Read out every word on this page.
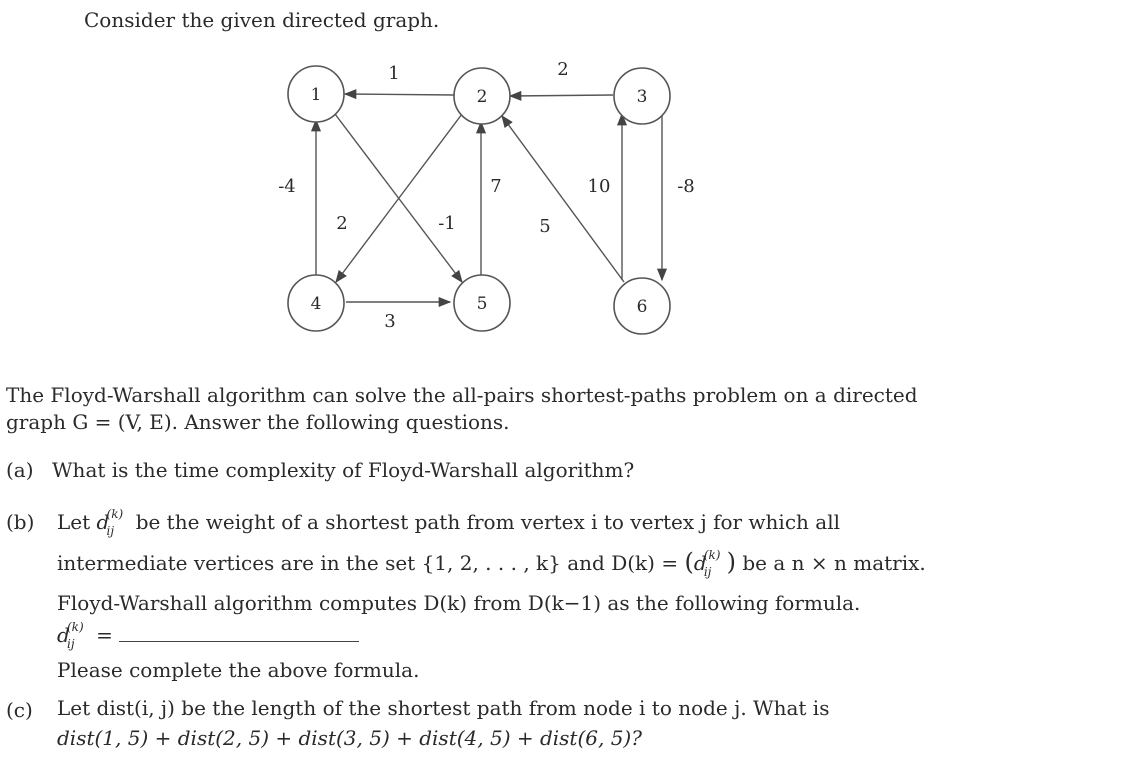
Consider the given directed graph.
1	2	3
4	5	6
1	2
-4
2	-1
7
5
10	-8
3
The Floyd-Warshall algorithm can solve the all-pairs shortest-paths problem on a directed
graph G = (V, E). Answer the following questions.
(a) What is the time complexity of Floyd-Warshall algorithm?
(b) Let d
(k)
ij be the weight of a shortest path from vertex i to vertex j for which all
intermediate vertices are in the set {1, 2, . . . , k} and D(k) = (d
(k)
ij ) be a n × n matrix.
Floyd-Warshall algorithm computes D(k) from D(k−1) as the following formula.
d
(k)
ij =
Please complete the above formula.
(c) Let dist(i, j) be the length of the shortest path from node i to node j. What is
dist(1, 5) + dist(2, 5) + dist(3, 5) + dist(4, 5) + dist(6, 5)?
